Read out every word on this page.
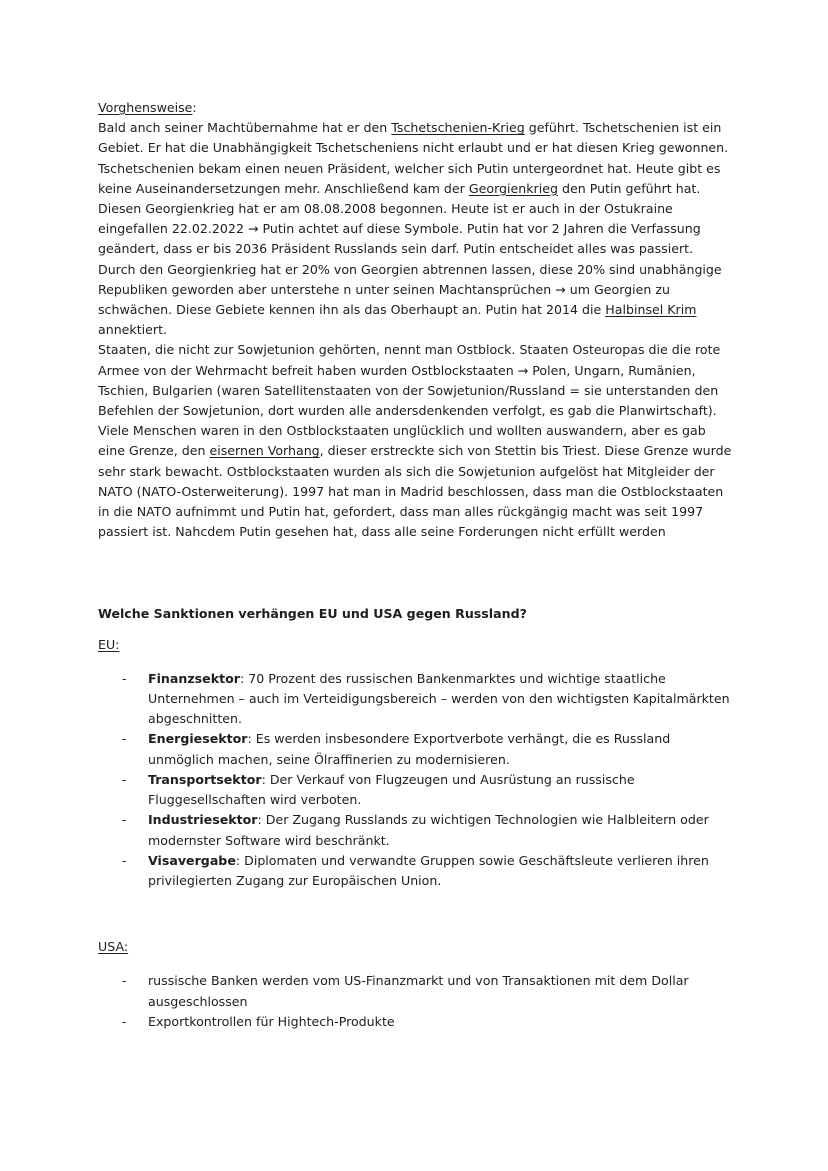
Vorghensweise:

Bald anch seiner Machtübernahme hat er den Tschetschenien-Krieg geführt. Tschetschenien ist ein Gebiet. Er hat die Unabhängigkeit Tschetscheniens nicht erlaubt und er hat diesen Krieg gewonnen. Tschetschenien bekam einen neuen Präsident, welcher sich Putin untergeordnet hat. Heute gibt es keine Auseinandersetzungen mehr. Anschließend kam der Georgienkrieg den Putin geführt hat. Diesen Georgienkrieg hat er am 08.08.2008 begonnen. Heute ist er auch in der Ostukraine eingefallen 22.02.2022 → Putin achtet auf diese Symbole. Putin hat vor 2 Jahren die Verfassung geändert, dass er bis 2036 Präsident Russlands sein darf. Putin entscheidet alles was passiert. Durch den Georgienkrieg hat er 20% von Georgien abtrennen lassen, diese 20% sind unabhängige Republiken geworden aber unterstehe n unter seinen Machtansprüchen → um Georgien zu schwächen. Diese Gebiete kennen ihn als das Oberhaupt an. Putin hat 2014 die Halbinsel Krim annektiert.

Staaten, die nicht zur Sowjetunion gehörten, nennt man Ostblock. Staaten Osteuropas die die rote Armee von der Wehrmacht befreit haben wurden Ostblockstaaten → Polen, Ungarn, Rumänien, Tschien, Bulgarien (waren Satellitenstaaten von der Sowjetunion/Russland = sie unterstanden den Befehlen der Sowjetunion, dort wurden alle andersdenkenden verfolgt, es gab die Planwirtschaft). Viele Menschen waren in den Ostblockstaaten unglücklich und wollten auswandern, aber es gab eine Grenze, den eisernen Vorhang, dieser erstreckte sich von Stettin bis Triest. Diese Grenze wurde sehr stark bewacht. Ostblockstaaten wurden als sich die Sowjetunion aufgelöst hat Mitgleider der NATO (NATO-Osterweiterung). 1997 hat man in Madrid beschlossen, dass man die Ostblockstaaten in die NATO aufnimmt und Putin hat, gefordert, dass man alles rückgängig macht was seit 1997 passiert ist. Nahcdem Putin gesehen hat, dass alle seine Forderungen nicht erfüllt werden

Welche Sanktionen verhängen EU und USA gegen Russland?

EU:

- Finanzsektor: 70 Prozent des russischen Bankenmarktes und wichtige staatliche Unternehmen – auch im Verteidigungsbereich – werden von den wichtigsten Kapitalmärkten abgeschnitten.
- Energiesektor: Es werden insbesondere Exportverbote verhängt, die es Russland unmöglich machen, seine Ölraffinerien zu modernisieren.
- Transportsektor: Der Verkauf von Flugzeugen und Ausrüstung an russische Fluggesellschaften wird verboten.
- Industriesektor: Der Zugang Russlands zu wichtigen Technologien wie Halbleitern oder modernster Software wird beschränkt.
- Visavergabe: Diplomaten und verwandte Gruppen sowie Geschäftsleute verlieren ihren privilegierten Zugang zur Europäischen Union.

USA:

- russische Banken werden vom US-Finanzmarkt und von Transaktionen mit dem Dollar ausgeschlossen
- Exportkontrollen für Hightech-Produkte
